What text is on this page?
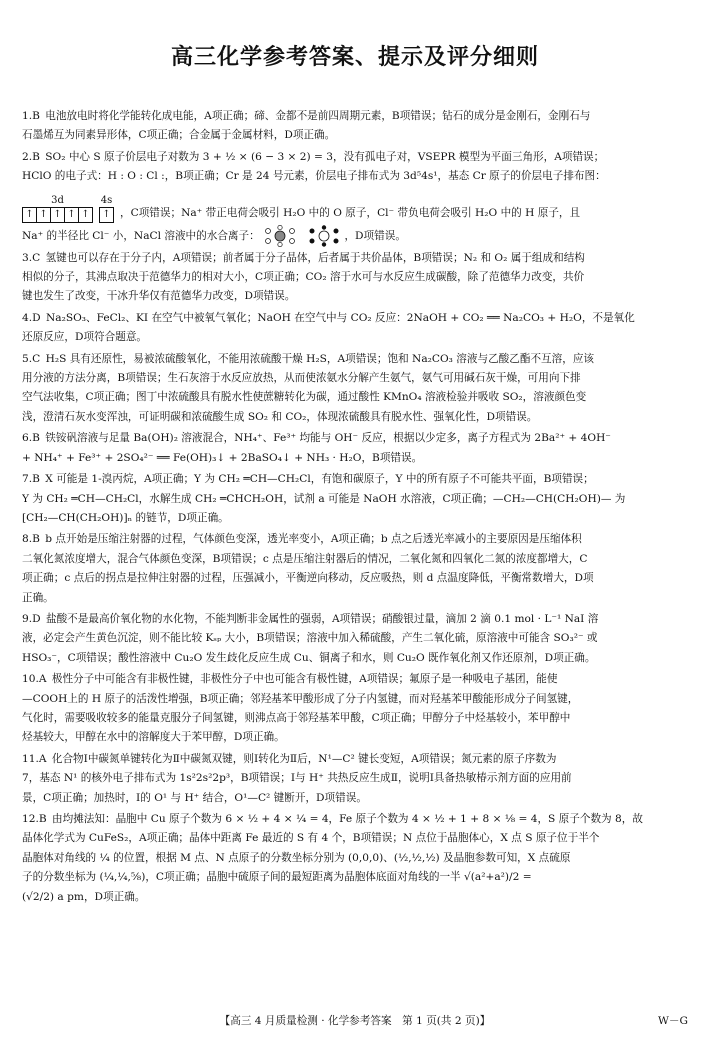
高三化学参考答案、提示及评分细则
1.B 电池放电时将化学能转化成电能，A项正确；碲、金都不是前四周期元素，B项错误；钻石的成分是金刚石，金刚石与
石墨烯互为同素异形体，C项正确；合金属于金属材料，D项正确。
2.B SO₂ 中心 S 原子价层电子对数为 3 + ½ × (6 − 3 × 2) = 3，没有孤电子对，VSEPR 模型为平面三角形，A项错误；
HClO 的电子式：H : O : Cl :，B项正确；Cr 是 24 号元素，价层电子排布式为 3d⁵4s¹，基态 Cr 原子的价层电子排布图：
3d
↑ ↑ ↑ ↑ ↑
4s
↑ ，C项错误；Na⁺ 带正电荷会吸引 H₂O 中的 O 原子，Cl⁻ 带负电荷会吸引 H₂O 中的 H 原子，且
Na⁺ 的半径比 Cl⁻ 小，NaCl 溶液中的水合离子：	，D项错误。
3.C 氢键也可以存在于分子内，A项错误；前者属于分子晶体，后者属于共价晶体，B项错误；N₂ 和 O₂ 属于组成和结构
相似的分子，其沸点取决于范德华力的相对大小，C项正确；CO₂ 溶于水可与水反应生成碳酸，除了范德华力改变，共价
键也发生了改变，干冰升华仅有范德华力改变，D项错误。
4.D Na₂SO₃、FeCl₂、KI 在空气中被氧气氧化；NaOH 在空气中与 CO₂ 反应：2NaOH + CO₂ ══ Na₂CO₃ + H₂O，不是氧化
还原反应，D项符合题意。
5.C H₂S 具有还原性，易被浓硫酸氧化，不能用浓硫酸干燥 H₂S，A项错误；饱和 Na₂CO₃ 溶液与乙酸乙酯不互溶，应该
用分液的方法分离，B项错误；生石灰溶于水反应放热，从而使浓氨水分解产生氨气，氨气可用碱石灰干燥，可用向下排
空气法收集，C项正确；图丁中浓硫酸具有脱水性使蔗糖转化为碳，通过酸性 KMnO₄ 溶液检验并吸收 SO₂，溶液颜色变
浅，澄清石灰水变浑浊，可证明碳和浓硫酸生成 SO₂ 和 CO₂，体现浓硫酸具有脱水性、强氧化性，D项错误。
6.B 铁铵矾溶液与足量 Ba(OH)₂ 溶液混合，NH₄⁺、Fe³⁺ 均能与 OH⁻ 反应，根据以少定多，离子方程式为 2Ba²⁺ + 4OH⁻
+ NH₄⁺ + Fe³⁺ + 2SO₄²⁻ ══ Fe(OH)₃↓ + 2BaSO₄↓ + NH₃ · H₂O，B项错误。
7.B X 可能是 1-溴丙烷，A项正确；Y 为 CH₂ ═CH—CH₂Cl，有饱和碳原子，Y 中的所有原子不可能共平面，B项错误；
Y 为 CH₂ ═CH—CH₂Cl，水解生成 CH₂ ═CHCH₂OH，试剂 a 可能是 NaOH 水溶液，C项正确；—CH₂—CH(CH₂OH)— 为
[CH₂—CH(CH₂OH)]ₙ 的链节，D项正确。
8.B b 点开始是压缩注射器的过程，气体颜色变深，透光率变小，A项正确；b 点之后透光率减小的主要原因是压缩体积
二氧化氮浓度增大，混合气体颜色变深，B项错误；c 点是压缩注射器后的情况，二氧化氮和四氧化二氮的浓度都增大，C
项正确；c 点后的拐点是拉伸注射器的过程，压强减小，平衡逆向移动，反应吸热，则 d 点温度降低，平衡常数增大，D项
正确。
9.D 盐酸不是最高价氧化物的水化物，不能判断非金属性的强弱，A项错误；硝酸银过量，滴加 2 滴 0.1 mol · L⁻¹ NaI 溶
液，必定会产生黄色沉淀，则不能比较 Kₛₚ 大小，B项错误；溶液中加入稀硫酸，产生二氧化硫，原溶液中可能含 SO₃²⁻ 或
HSO₃⁻，C项错误；酸性溶液中 Cu₂O 发生歧化反应生成 Cu、铜离子和水，则 Cu₂O 既作氧化剂又作还原剂，D项正确。
10.A 极性分子中可能含有非极性键，非极性分子中也可能含有极性键，A项错误；氟原子是一种吸电子基团，能使
—COOH上的 H 原子的活泼性增强，B项正确；邻羟基苯甲酸形成了分子内氢键，而对羟基苯甲酸能形成分子间氢键，
气化时，需要吸收较多的能量克服分子间氢键，则沸点高于邻羟基苯甲酸，C项正确；甲醇分子中烃基较小，苯甲醇中
烃基较大，甲醇在水中的溶解度大于苯甲醇，D项正确。
11.A 化合物Ⅰ中碳氮单键转化为Ⅱ中碳氮双键，则Ⅰ转化为Ⅱ后，N¹—C² 键长变短，A项错误；氮元素的原子序数为
7，基态 N¹ 的核外电子排布式为 1s²2s²2p³，B项错误；Ⅰ与 H⁺ 共热反应生成Ⅱ，说明Ⅰ具备热敏椿示剂方面的应用前
景，C项正确；加热时，Ⅰ的 O¹ 与 H⁺ 结合，O¹—C² 键断开，D项错误。
12.B 由均摊法知：晶胞中 Cu 原子个数为 6 × ½ + 4 × ¼ = 4，Fe 原子个数为 4 × ½ + 1 + 8 × ⅛ = 4，S 原子个数为 8，故
晶体化学式为 CuFeS₂，A项正确；晶体中距离 Fe 最近的 S 有 4 个，B项错误；N 点位于晶胞体心，X 点 S 原子位于半个
晶胞体对角线的 ¼ 的位置，根据 M 点、N 点原子的分数坐标分别为 (0,0,0)、(½,½,½) 及晶胞参数可知，X 点硫原
子的分数坐标为 (¼,¼,⅝)，C项正确；晶胞中硫原子间的最短距离为晶胞体底面对角线的一半 √(a²+a²)/2 =
(√2/2) a pm，D项正确。
【高三 4 月质量检测 · 化学参考答案　第 1 页(共 2 页)】	W－G
